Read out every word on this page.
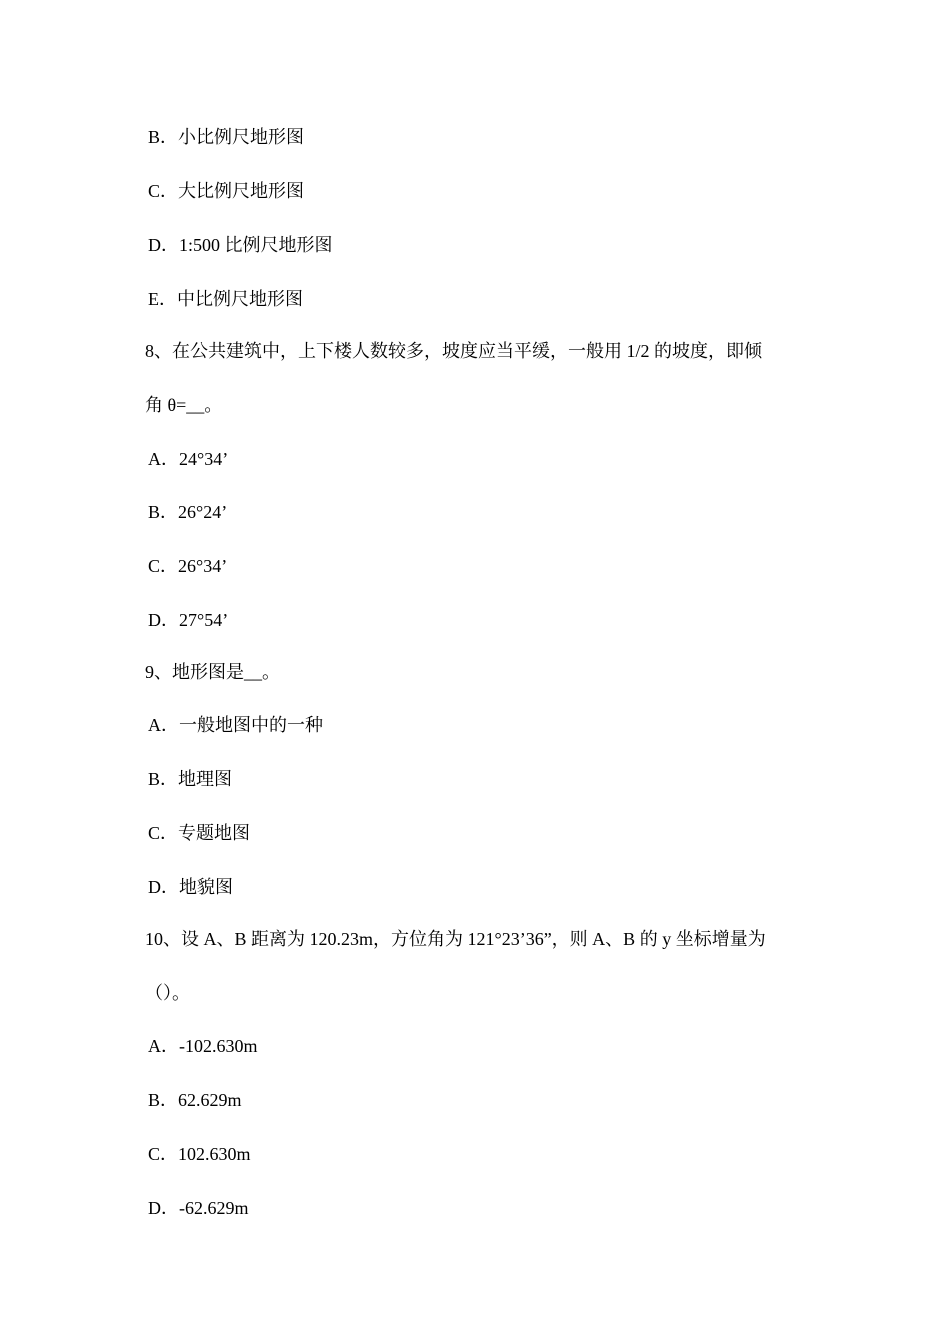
B．小比例尺地形图
C．大比例尺地形图
D．1:500 比例尺地形图
E．中比例尺地形图
8、在公共建筑中，上下楼人数较多，坡度应当平缓，一般用 1/2 的坡度，即倾
角 θ=__。
A．24°34’
B．26°24’
C．26°34’
D．27°54’
9、地形图是__。
A．一般地图中的一种
B．地理图
C．专题地图
D．地貌图
10、设 A、B 距离为 120.23m，方位角为 121°23’36”，则 A、B 的 y 坐标增量为
（）。
A．-102.630m
B．62.629m
C．102.630m
D．-62.629m
